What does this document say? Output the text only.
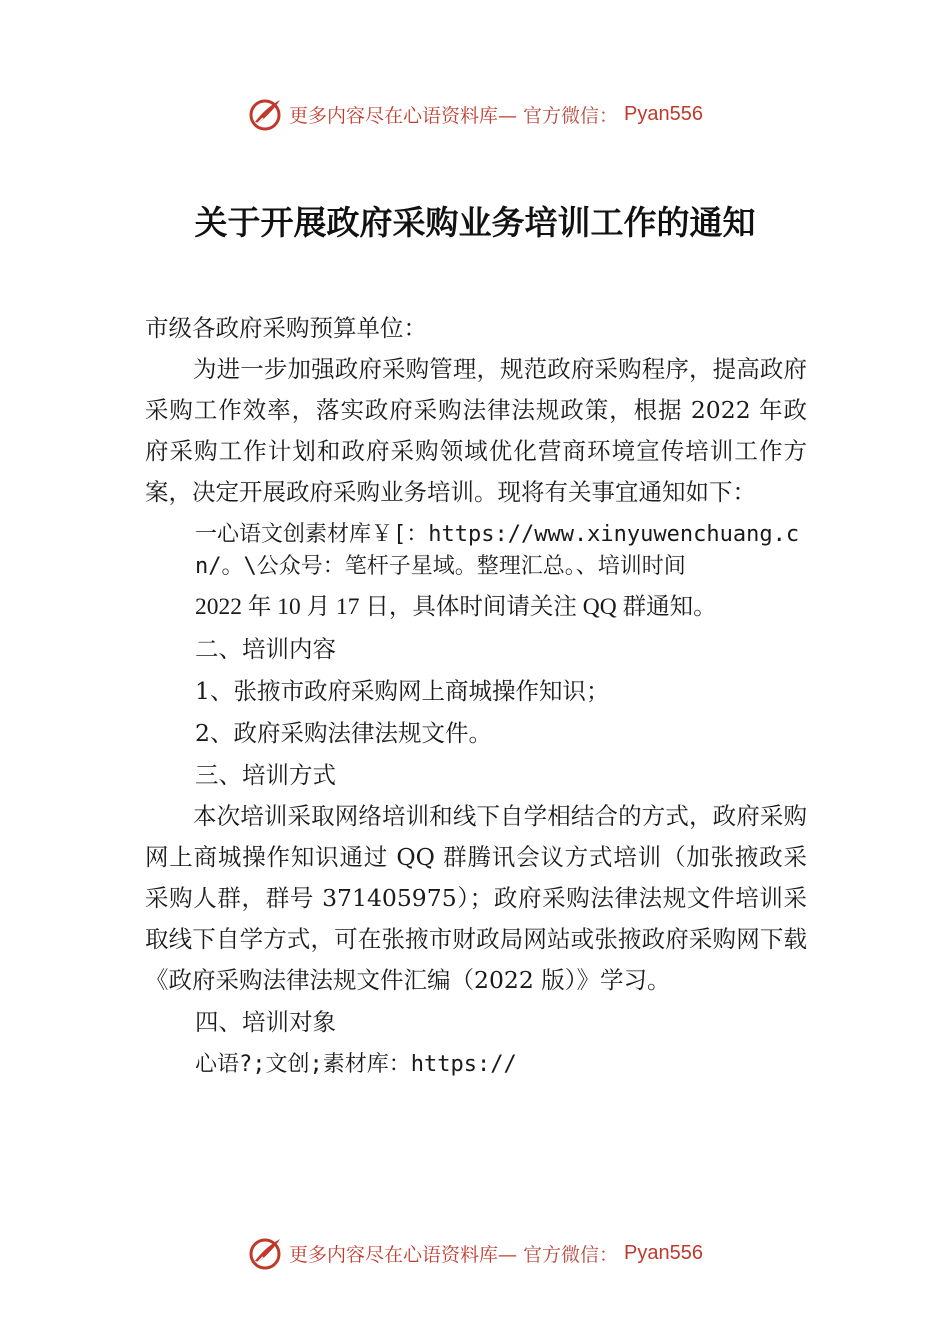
更多内容尽在心语资料库— 官方微信： Pyan556
关于开展政府采购业务培训工作的通知

市级各政府采购预算单位：

为进一步加强政府采购管理，规范政府采购程序，提高政府采购工作效率，落实政府采购法律法规政策，根据 2022 年政府采购工作计划和政府采购领域优化营商环境宣传培训工作方案，决定开展政府采购业务培训。现将有关事宜通知如下：

一心语文创素材库￥[：https://www.xinyuwenchuang.cn/。\公众号：笔杆子星域。整理汇总。、培训时间

2022 年 10 月 17 日，具体时间请关注 QQ 群通知。

二、培训内容

1、张掖市政府采购网上商城操作知识；

2、政府采购法律法规文件。

三、培训方式

本次培训采取网络培训和线下自学相结合的方式，政府采购网上商城操作知识通过 QQ 群腾讯会议方式培训（加张掖政采采购人群，群号 371405975）；政府采购法律法规文件培训采取线下自学方式，可在张掖市财政局网站或张掖政府采购网下载《政府采购法律法规文件汇编（2022 版）》学习。

四、培训对象

心语?;文创;素材库：https://

更多内容尽在心语资料库— 官方微信： Pyan556
